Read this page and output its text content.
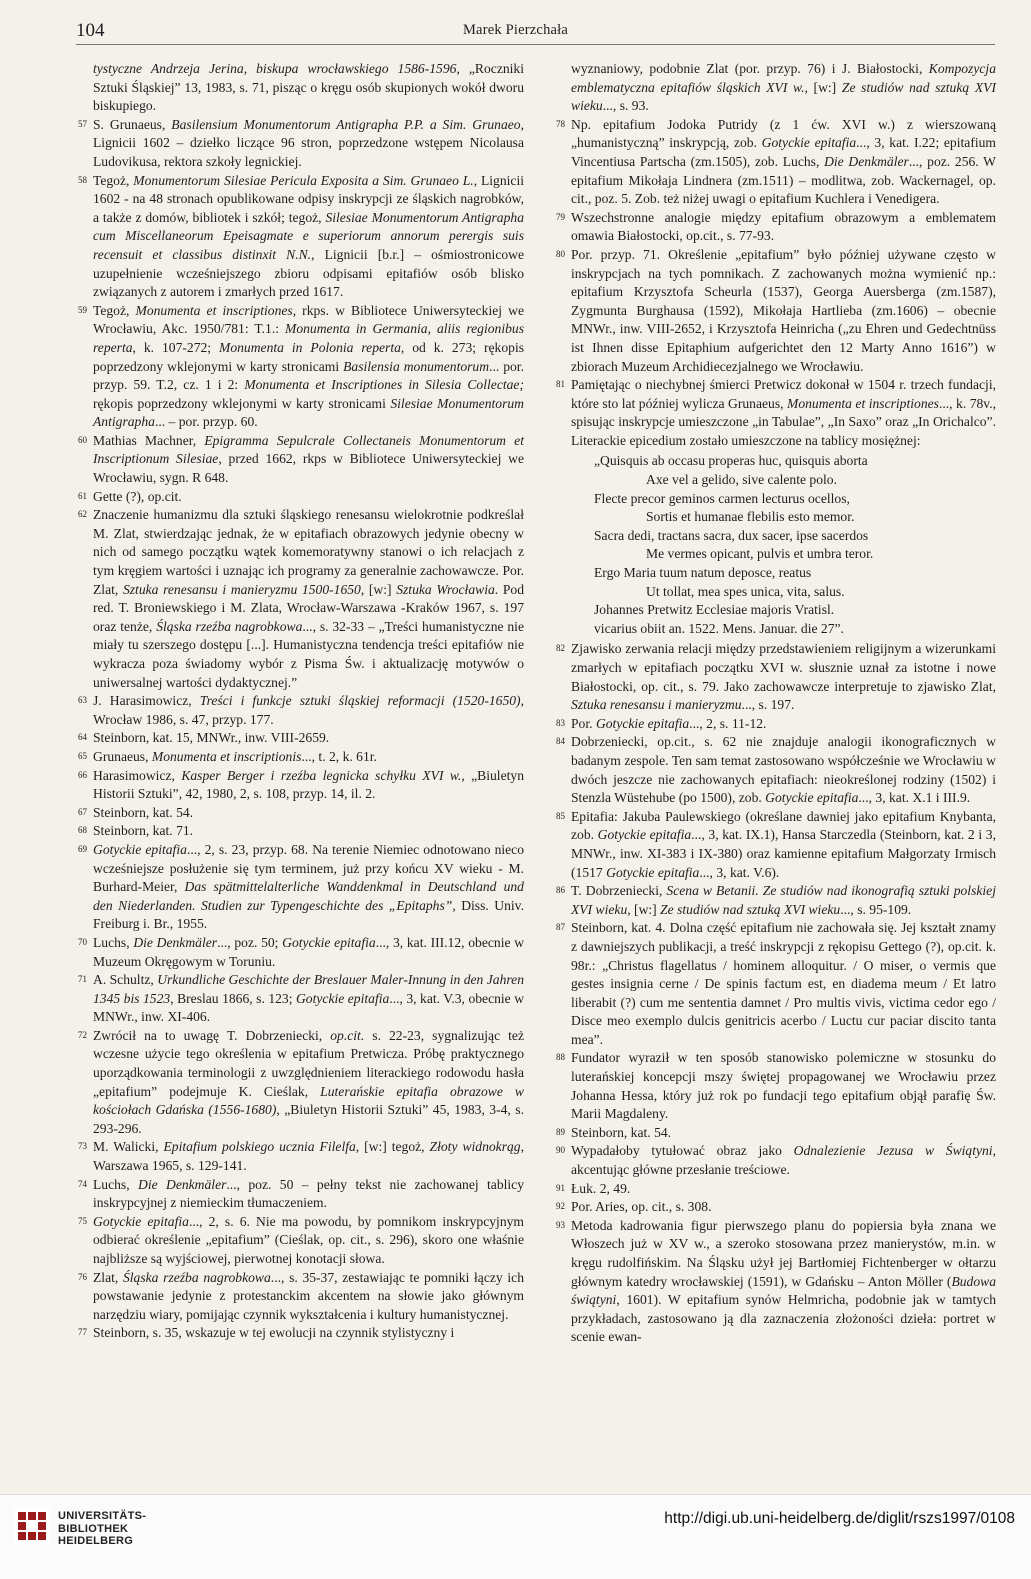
104	Marek Pierzchała

tystyczne Andrzeja Jerina, biskupa wrocławskiego 1586-1596, „Roczniki Sztuki Śląskiej” 13, 1983, s. 71, pisząc o kręgu osób skupionych wokół dworu biskupiego.

57 S. Grunaeus, Basilensium Monumentorum Antigrapha P.P. a Sim. Grunaeo, Lignicii 1602 – dziełko liczące 96 stron, poprzedzone wstępem Nicolausa Ludovikusa, rektora szkoły legnickiej.

58 Tegoż, Monumentorum Silesiae Pericula Exposita a Sim. Grunaeo L., Lignicii 1602 - na 48 stronach opublikowane odpisy inskrypcji ze śląskich nagrobków, a także z domów, bibliotek i szkół; tegoż, Silesiae Monumentorum Antigrapha cum Miscellaneorum Epeisagmate e superiorum annorum perergis suis recensuit et classibus distinxit N.N., Lignicii [b.r.] – ośmiostronicowe uzupełnienie wcześniejszego zbioru odpisami epitafiów osób blisko związanych z autorem i zmarłych przed 1617.

59 Tegoż, Monumenta et inscriptiones, rkps. w Bibliotece Uniwersyteckiej we Wrocławiu, Akc. 1950/781: T.1.: Monumenta in Germania, aliis regionibus reperta, k. 107-272; Monumenta in Polonia reperta, od k. 273; rękopis poprzedzony wklejonymi w karty stronicami Basilensia monumentorum... por. przyp. 59. T.2, cz. 1 i 2: Monumenta et Inscriptiones in Silesia Collectae; rękopis poprzedzony wklejonymi w karty stronicami Silesiae Monumentorum Antigrapha... – por. przyp. 60.

60 Mathias Machner, Epigramma Sepulcrale Collectaneis Monumentorum et Inscriptionum Silesiae, przed 1662, rkps w Bibliotece Uniwersyteckiej we Wrocławiu, sygn. R 648.

61 Gette (?), op.cit.

62 Znaczenie humanizmu dla sztuki śląskiego renesansu wielokrotnie podkreślał M. Zlat, stwierdzając jednak, że w epitafiach obrazowych jedynie obecny w nich od samego początku wątek komemoratywny stanowi o ich relacjach z tym kręgiem wartości i uznając ich programy za generalnie zachowawcze. Por. Zlat, Sztuka renesansu i manieryzmu 1500-1650, [w:] Sztuka Wrocławia. Pod red. T. Broniewskiego i M. Zlata, Wrocław-Warszawa -Kraków 1967, s. 197 oraz tenże, Śląska rzeźba nagrobkowa..., s. 32-33 – „Treści humanistyczne nie miały tu szerszego dostępu [...]. Humanistyczna tendencja treści epitafiów nie wykracza poza świadomy wybór z Pisma Św. i aktualizację motywów o uniwersalnej wartości dydaktycznej.”

63 J. Harasimowicz, Treści i funkcje sztuki śląskiej reformacji (1520-1650), Wrocław 1986, s. 47, przyp. 177.

64 Steinborn, kat. 15, MNWr., inw. VIII-2659.

65 Grunaeus, Monumenta et inscriptionis..., t. 2, k. 61r.

66 Harasimowicz, Kasper Berger i rzeźba legnicka schyłku XVI w., „Biuletyn Historii Sztuki”, 42, 1980, 2, s. 108, przyp. 14, il. 2.

67 Steinborn, kat. 54.

68 Steinborn, kat. 71.

69 Gotyckie epitafia..., 2, s. 23, przyp. 68. Na terenie Niemiec odnotowano nieco wcześniejsze posłużenie się tym terminem, już przy końcu XV wieku - M. Burhard-Meier, Das spätmittelalterliche Wanddenkmal in Deutschland und den Niederlanden. Studien zur Typengeschichte des „Epitaphs”, Diss. Univ. Freiburg i. Br., 1955.

70 Luchs, Die Denkmäler..., poz. 50; Gotyckie epitafia..., 3, kat. III.12, obecnie w Muzeum Okręgowym w Toruniu.

71 A. Schultz, Urkundliche Geschichte der Breslauer Maler-Innung in den Jahren 1345 bis 1523, Breslau 1866, s. 123; Gotyckie epitafia..., 3, kat. V.3, obecnie w MNWr., inw. XI-406.

72 Zwrócił na to uwagę T. Dobrzeniecki, op.cit. s. 22-23, sygnalizując też wczesne użycie tego określenia w epitafium Pretwicza. Próbę praktycznego uporządkowania terminologii z uwzględnieniem literackiego rodowodu hasła „epitafium” podejmuje K. Cieślak, Luterańskie epitafia obrazowe w kościołach Gdańska (1556-1680), „Biuletyn Historii Sztuki” 45, 1983, 3-4, s. 293-296.

73 M. Walicki, Epitafium polskiego ucznia Filelfa, [w:] tegoż, Złoty widnokrąg, Warszawa 1965, s. 129-141.

74 Luchs, Die Denkmäler..., poz. 50 – pełny tekst nie zachowanej tablicy inskrypcyjnej z niemieckim tłumaczeniem.

75 Gotyckie epitafia..., 2, s. 6. Nie ma powodu, by pomnikom inskrypcyjnym odbierać określenie „epitafium” (Cieślak, op. cit., s. 296), skoro one właśnie najbliższe są wyjściowej, pierwotnej konotacji słowa.

76 Zlat, Śląska rzeźba nagrobkowa..., s. 35-37, zestawiając te pomniki łączy ich powstawanie jedynie z protestanckim akcentem na słowie jako głównym narzędziu wiary, pomijając czynnik wykształcenia i kultury humanistycznej.

77 Steinborn, s. 35, wskazuje w tej ewolucji na czynnik stylistyczny i

wyznaniowy, podobnie Zlat (por. przyp. 76) i J. Białostocki, Kompozycja emblematyczna epitafiów śląskich XVI w., [w:] Ze studiów nad sztuką XVI wieku..., s. 93.

78 Np. epitafium Jodoka Putridy (z 1 ćw. XVI w.) z wierszowaną „humanistyczną” inskrypcją, zob. Gotyckie epitafia..., 3, kat. I.22; epitafium Vincentiusa Partscha (zm.1505), zob. Luchs, Die Denkmäler..., poz. 256. W epitafium Mikołaja Lindnera (zm.1511) – modlitwa, zob. Wackernagel, op. cit., poz. 5. Zob. też niżej uwagi o epitafium Kuchlera i Venedigera.

79 Wszechstronne analogie między epitafium obrazowym a emblematem omawia Białostocki, op.cit., s. 77-93.

80 Por. przyp. 71. Określenie „epitafium” było później używane często w inskrypcjach na tych pomnikach. Z zachowanych można wymienić np.: epitafium Krzysztofa Scheurla (1537), Georga Auersberga (zm.1587), Zygmunta Burghausa (1592), Mikołaja Hartlieba (zm.1606) – obecnie MNWr., inw. VIII-2652, i Krzysztofa Heinricha („zu Ehren und Gedechtnüss ist Ihnen disse Epitaphium aufgerichtet den 12 Marty Anno 1616”) w zbiorach Muzeum Archidiecezjalnego we Wrocławiu.

81 Pamiętając o niechybnej śmierci Pretwicz dokonał w 1504 r. trzech fundacji, które sto lat później wylicza Grunaeus, Monumenta et inscriptiones..., k. 78v., spisując inskrypcje umieszczone „in Tabulae”, „In Saxo” oraz „In Orichalco”. Literackie epicedium zostało umieszczone na tablicy mosiężnej:

„Quisquis ab occasu properas huc, quisquis aborta
Axe vel a gelido, sive calente polo.
Flecte precor geminos carmen lecturus ocellos,
Sortis et humanae flebilis esto memor.
Sacra dedi, tractans sacra, dux sacer, ipse sacerdos
Me vermes opicant, pulvis et umbra teror.
Ergo Maria tuum natum deposce, reatus
Ut tollat, mea spes unica, vita, salus.
Johannes Pretwitz Ecclesiae majoris Vratisl.
vicarius obiit an. 1522. Mens. Januar. die 27”.

82 Zjawisko zerwania relacji między przedstawieniem religijnym a wizerunkami zmarłych w epitafiach początku XVI w. słusznie uznał za istotne i nowe Białostocki, op. cit., s. 79. Jako zachowawcze interpretuje to zjawisko Zlat, Sztuka renesansu i manieryzmu..., s. 197.

83 Por. Gotyckie epitafia..., 2, s. 11-12.

84 Dobrzeniecki, op.cit., s. 62 nie znajduje analogii ikonograficznych w badanym zespole. Ten sam temat zastosowano współcześnie we Wrocławiu w dwóch jeszcze nie zachowanych epitafiach: nieokreślonej rodziny (1502) i Stenzla Wüstehube (po 1500), zob. Gotyckie epitafia..., 3, kat. X.1 i III.9.

85 Epitafia: Jakuba Paulewskiego (określane dawniej jako epitafium Knybanta, zob. Gotyckie epitafia..., 3, kat. IX.1), Hansa Starczedla (Steinborn, kat. 2 i 3, MNWr., inw. XI-383 i IX-380) oraz kamienne epitafium Małgorzaty Irmisch (1517 Gotyckie epitafia..., 3, kat. V.6).

86 T. Dobrzeniecki, Scena w Betanii. Ze studiów nad ikonografią sztuki polskiej XVI wieku, [w:] Ze studiów nad sztuką XVI wieku..., s. 95-109.

87 Steinborn, kat. 4. Dolna część epitafium nie zachowała się. Jej kształt znamy z dawniejszych publikacji, a treść inskrypcji z rękopisu Gettego (?), op.cit. k. 98r.: „Christus flagellatus / hominem alloquitur. / O miser, o vermis que gestes insignia cerne / De spinis factum est, en diadema meum / Et latro liberabit (?) cum me sententia damnet / Pro multis vivis, victima cedor ego / Disce meo exemplo dulcis genitricis acerbo / Luctu cur paciar discito tanta mea”.

88 Fundator wyraził w ten sposób stanowisko polemiczne w stosunku do luterańskiej koncepcji mszy świętej propagowanej we Wrocławiu przez Johanna Hessa, który już rok po fundacji tego epitafium objął parafię Św. Marii Magdaleny.

89 Steinborn, kat. 54.

90 Wypadałoby tytułować obraz jako Odnalezienie Jezusa w Świątyni, akcentując główne przesłanie treściowe.

91 Łuk. 2, 49.

92 Por. Aries, op. cit., s. 308.

93 Metoda kadrowania figur pierwszego planu do popiersia była znana we Włoszech już w XV w., a szeroko stosowana przez manierystów, m.in. w kręgu rudolfińskim. Na Śląsku użył jej Bartłomiej Fichtenberger w ołtarzu głównym katedry wrocławskiej (1591), w Gdańsku – Anton Möller (Budowa świątyni, 1601). W epitafium synów Helmricha, podobnie jak w tamtych przykładach, zastosowano ją dla zaznaczenia złożoności dzieła: portret w scenie ewan-

UNIVERSITÄTS-
BIBLIOTHEK
HEIDELBERG
http://digi.ub.uni-heidelberg.de/diglit/rszs1997/0108
